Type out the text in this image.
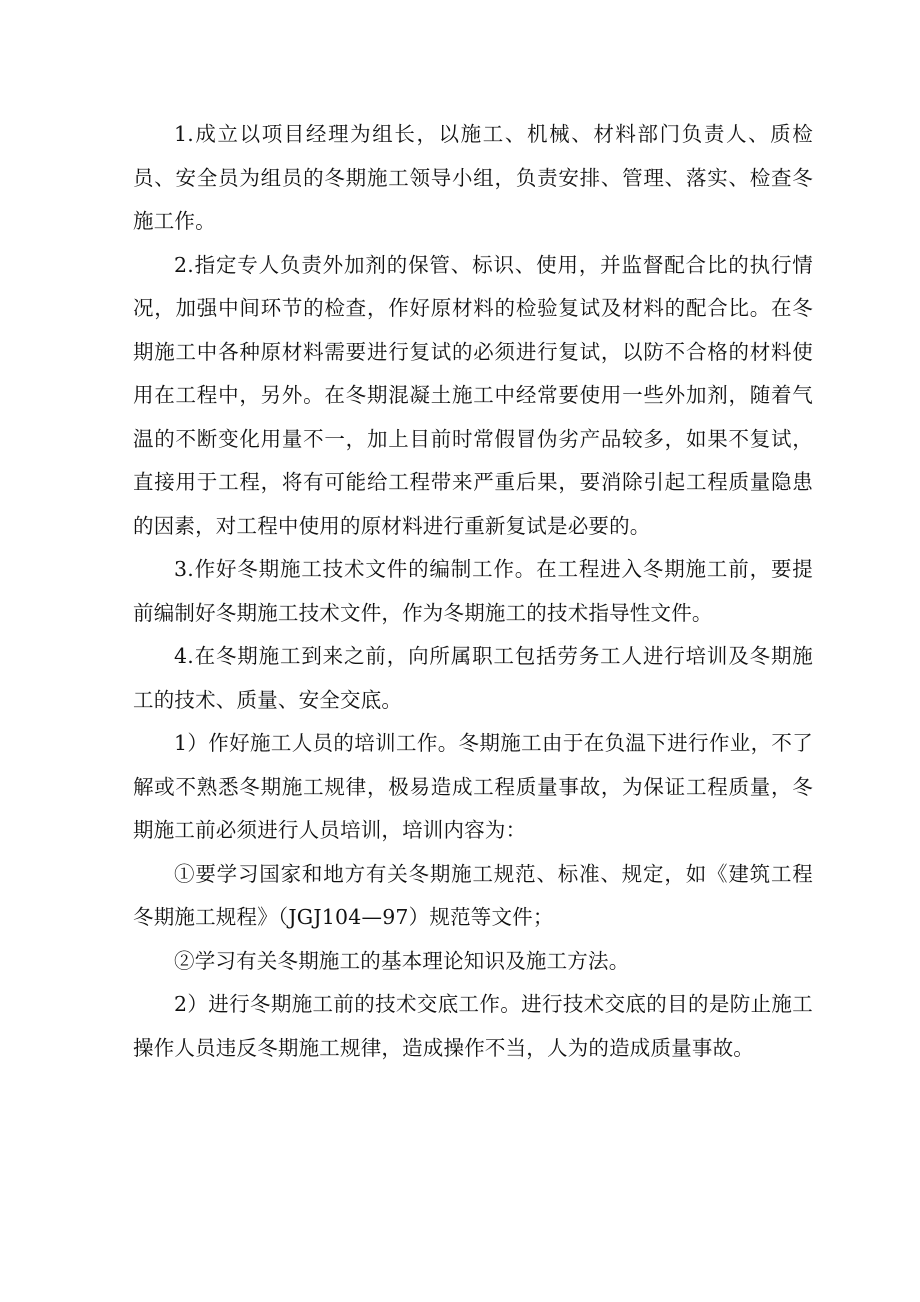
1.成立以项目经理为组长，以施工、机械、材料部门负责人、质检员、安全员为组员的冬期施工领导小组，负责安排、管理、落实、检查冬施工作。

2.指定专人负责外加剂的保管、标识、使用，并监督配合比的执行情况，加强中间环节的检查，作好原材料的检验复试及材料的配合比。在冬期施工中各种原材料需要进行复试的必须进行复试，以防不合格的材料使用在工程中，另外。在冬期混凝土施工中经常要使用一些外加剂，随着气温的不断变化用量不一，加上目前时常假冒伪劣产品较多，如果不复试，直接用于工程，将有可能给工程带来严重后果，要消除引起工程质量隐患的因素，对工程中使用的原材料进行重新复试是必要的。

3.作好冬期施工技术文件的编制工作。在工程进入冬期施工前，要提前编制好冬期施工技术文件，作为冬期施工的技术指导性文件。

4.在冬期施工到来之前，向所属职工包括劳务工人进行培训及冬期施工的技术、质量、安全交底。

1）作好施工人员的培训工作。冬期施工由于在负温下进行作业，不了解或不熟悉冬期施工规律，极易造成工程质量事故，为保证工程质量，冬期施工前必须进行人员培训，培训内容为：

①要学习国家和地方有关冬期施工规范、标准、规定，如《建筑工程冬期施工规程》（JGJ104—97）规范等文件；

②学习有关冬期施工的基本理论知识及施工方法。

2）进行冬期施工前的技术交底工作。进行技术交底的目的是防止施工操作人员违反冬期施工规律，造成操作不当，人为的造成质量事故。
